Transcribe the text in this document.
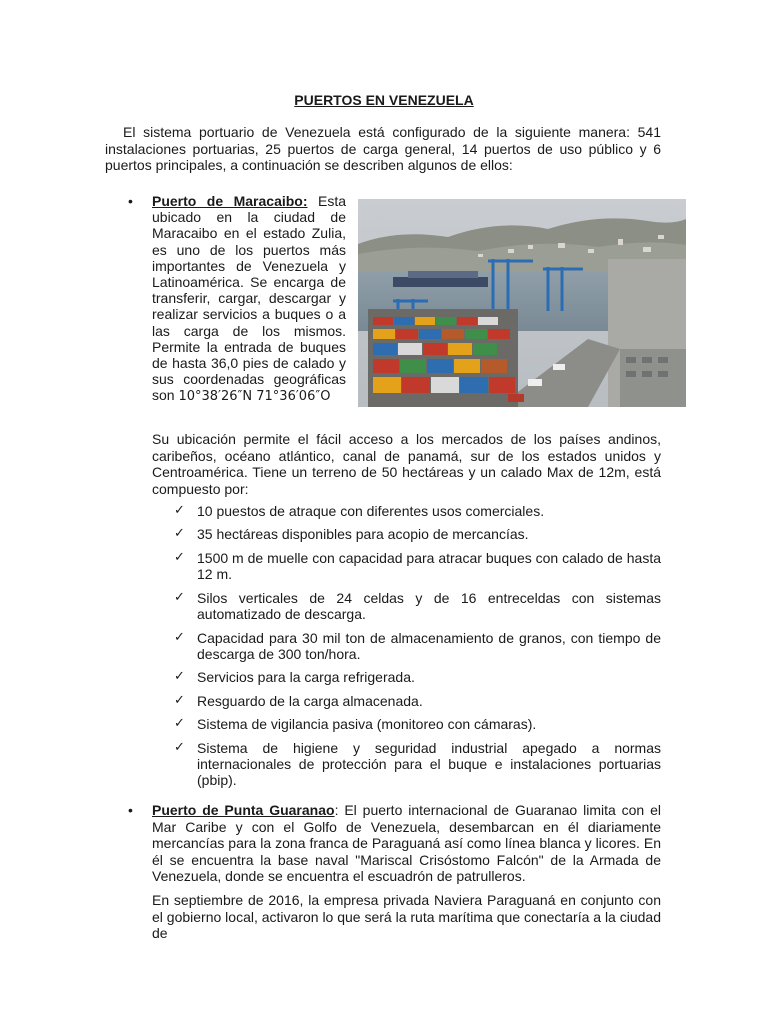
PUERTOS EN VENEZUELA
El sistema portuario de Venezuela está configurado de la siguiente manera: 541 instalaciones portuarias, 25 puertos de carga general, 14 puertos de uso público y 6 puertos principales, a continuación se describen algunos de ellos:
• Puerto de Maracaibo: Esta ubicado en la ciudad de Maracaibo en el estado Zulia, es uno de los puertos más importantes de Venezuela y Latinoamérica. Se encarga de transferir, cargar, descargar y realizar servicios a buques o a las carga de los mismos. Permite la entrada de buques de hasta 36,0 pies de calado y sus coordenadas geográficas son 10°38′26″N 71°36′06″O
Su ubicación permite el fácil acceso a los mercados de los países andinos, caribeños, océano atlántico, canal de panamá, sur de los estados unidos y Centroamérica. Tiene un terreno de 50 hectáreas y un calado Max de 12m, está compuesto por:
✓ 10 puestos de atraque con diferentes usos comerciales.
✓ 35 hectáreas disponibles para acopio de mercancías.
✓ 1500 m de muelle con capacidad para atracar buques con calado de hasta 12 m.
✓ Silos verticales de 24 celdas y de 16 entreceldas con sistemas automatizado de descarga.
✓ Capacidad para 30 mil ton de almacenamiento de granos, con tiempo de descarga de 300 ton/hora.
✓ Servicios para la carga refrigerada.
✓ Resguardo de la carga almacenada.
✓ Sistema de vigilancia pasiva (monitoreo con cámaras).
✓ Sistema de higiene y seguridad industrial apegado a normas internacionales de protección para el buque e instalaciones portuarias (pbip).
• Puerto de Punta Guaranao: El puerto internacional de Guaranao limita con el Mar Caribe y con el Golfo de Venezuela, desembarcan en él diariamente mercancías para la zona franca de Paraguaná así como línea blanca y licores. En él se encuentra la base naval "Mariscal Crisóstomo Falcón" de la Armada de Venezuela, donde se encuentra el escuadrón de patrulleros.
En septiembre de 2016, la empresa privada Naviera Paraguaná en conjunto con el gobierno local, activaron lo que será la ruta marítima que conectaría a la ciudad de
